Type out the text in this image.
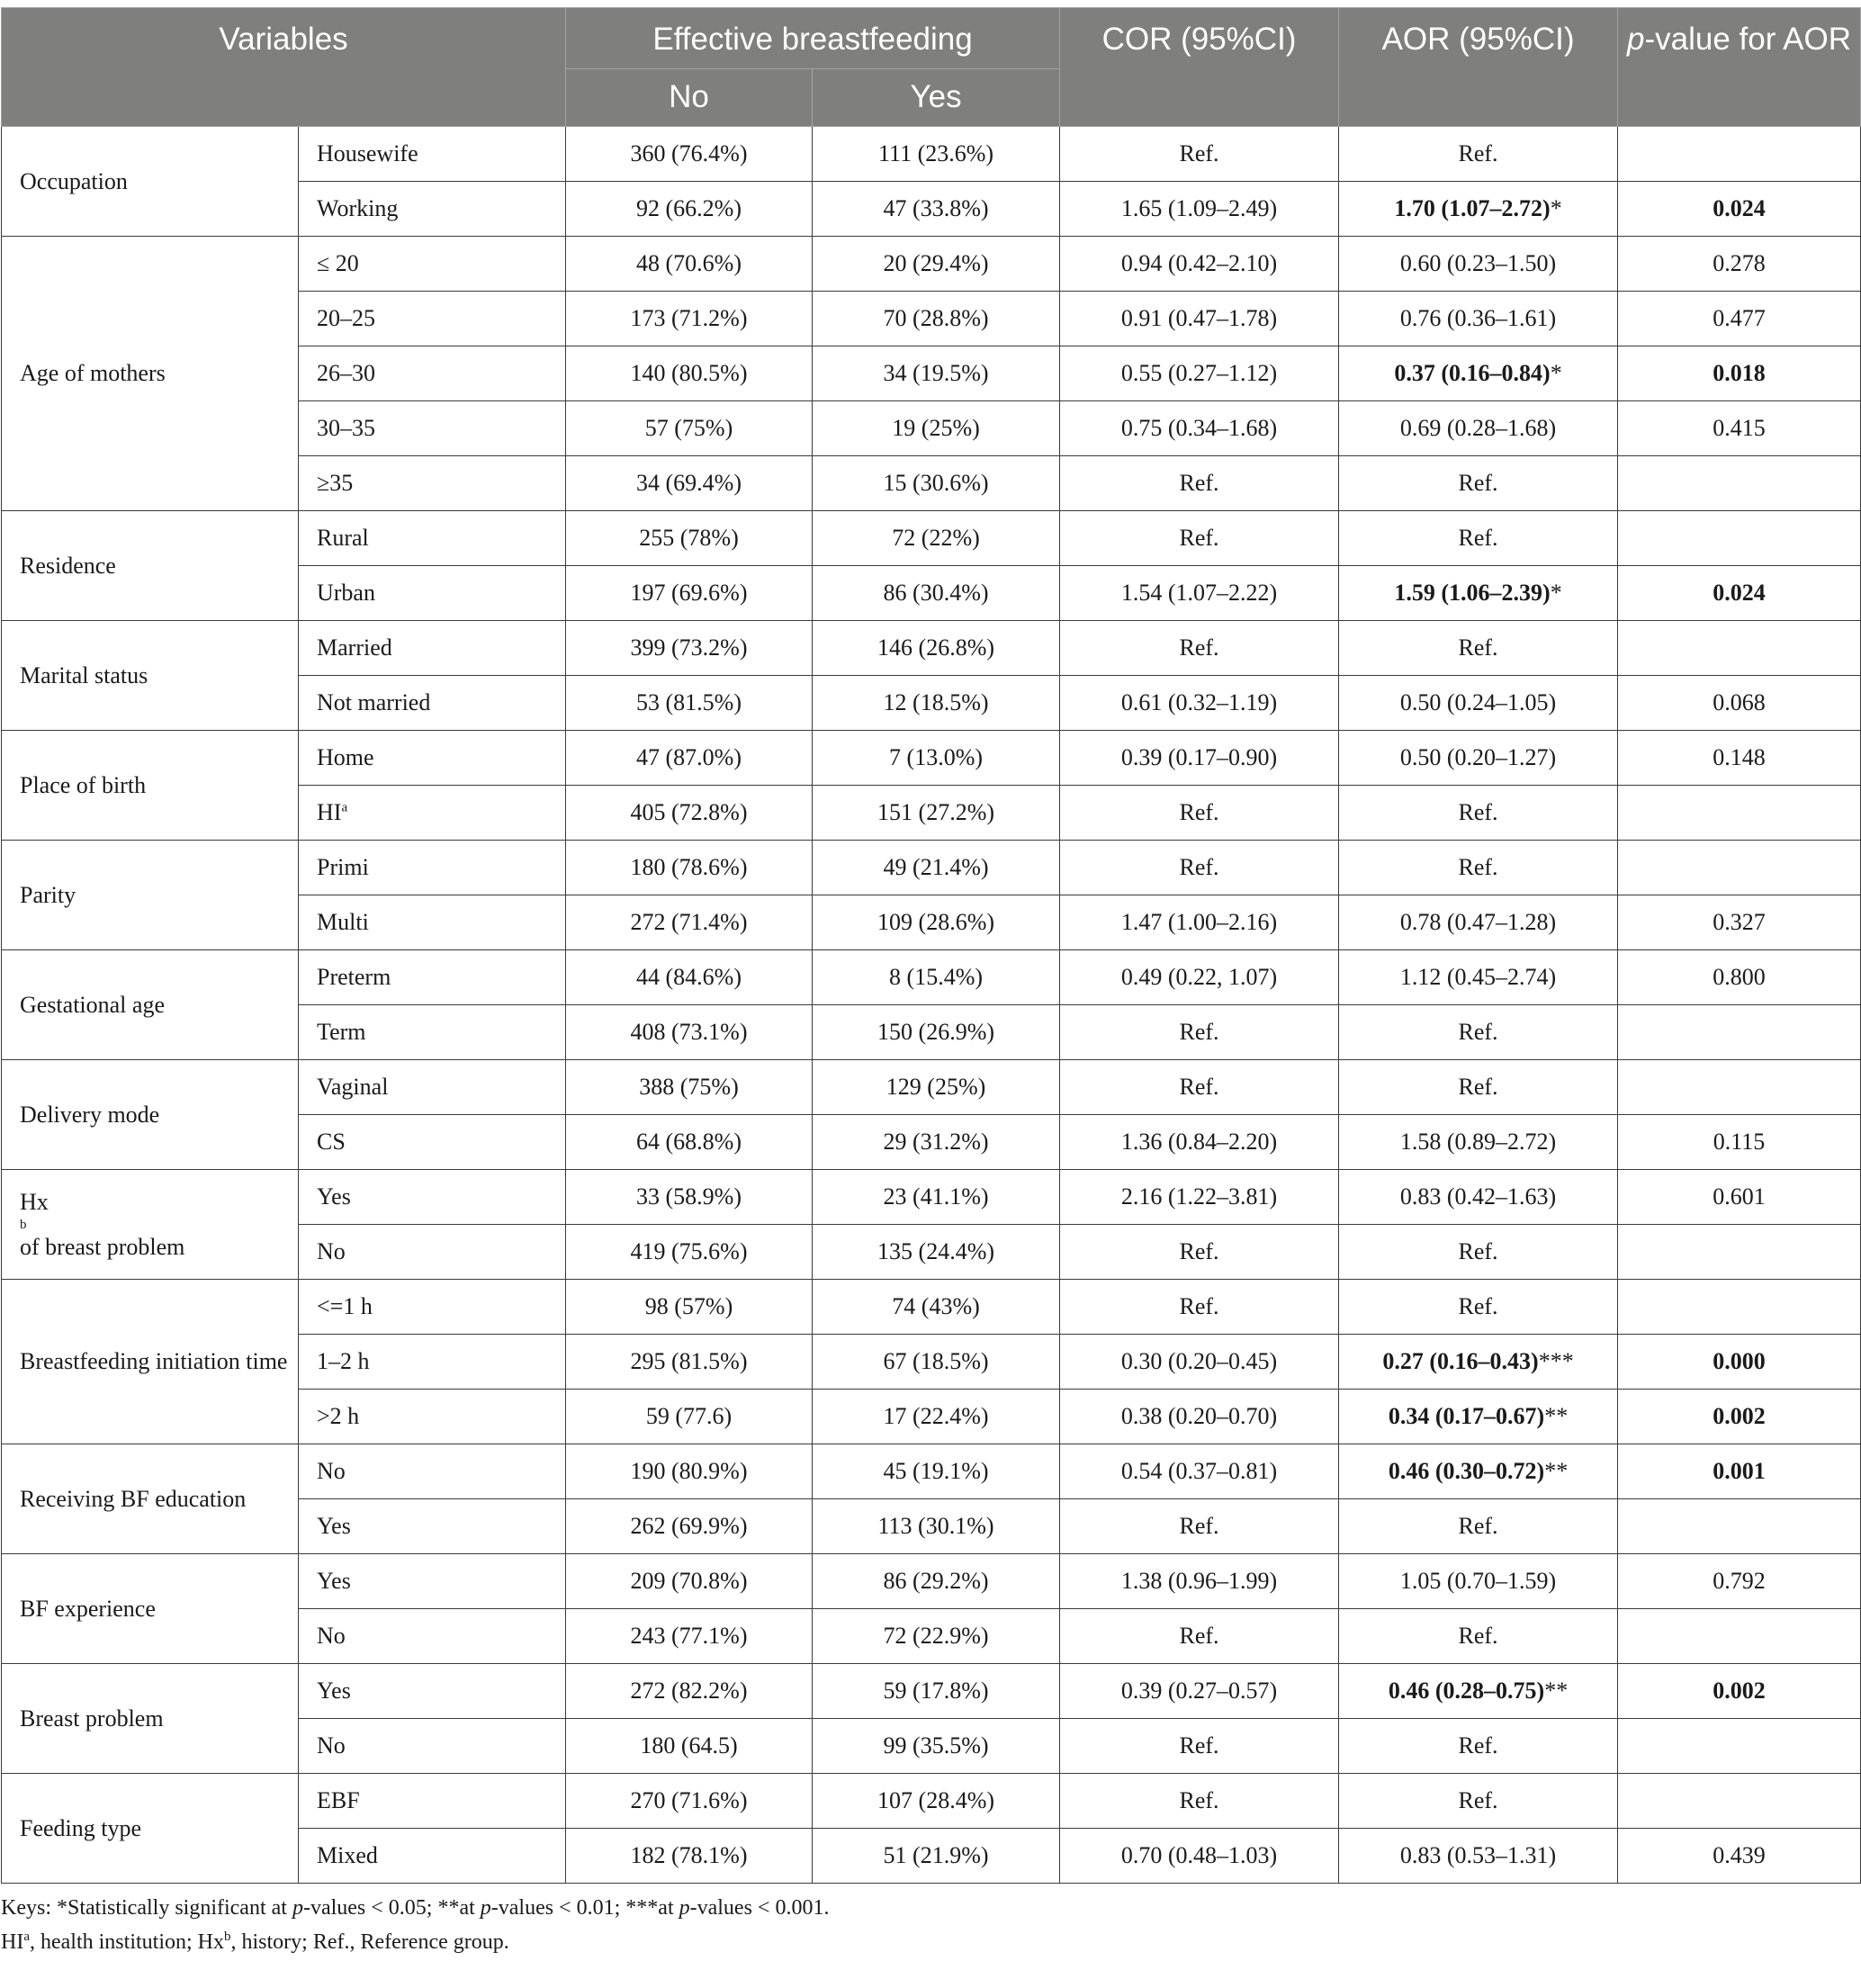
Variables		Effective breastfeeding		COR (95%CI)	AOR (95%CI)	p-value for AOR
		No	Yes			

Occupation	Housewife	360 (76.4%)	111 (23.6%)	Ref.	Ref.	
	Working	92 (66.2%)	47 (33.8%)	1.65 (1.09–2.49)	1.70 (1.07–2.72)*	0.024

Age of mothers	≤ 20	48 (70.6%)	20 (29.4%)	0.94 (0.42–2.10)	0.60 (0.23–1.50)	0.278
	20–25	173 (71.2%)	70 (28.8%)	0.91 (0.47–1.78)	0.76 (0.36–1.61)	0.477
	26–30	140 (80.5%)	34 (19.5%)	0.55 (0.27–1.12)	0.37 (0.16–0.84)*	0.018
	30–35	57 (75%)	19 (25%)	0.75 (0.34–1.68)	0.69 (0.28–1.68)	0.415
	≥35	34 (69.4%)	15 (30.6%)	Ref.	Ref.	

Residence	Rural	255 (78%)	72 (22%)	Ref.	Ref.	
	Urban	197 (69.6%)	86 (30.4%)	1.54 (1.07–2.22)	1.59 (1.06–2.39)*	0.024

Marital status	Married	399 (73.2%)	146 (26.8%)	Ref.	Ref.	
	Not married	53 (81.5%)	12 (18.5%)	0.61 (0.32–1.19)	0.50 (0.24–1.05)	0.068

Place of birth	Home	47 (87.0%)	7 (13.0%)	0.39 (0.17–0.90)	0.50 (0.20–1.27)	0.148
	$HI^a$	405 (72.8%)	151 (27.2%)	Ref.	Ref.	

Parity	Primi	180 (78.6%)	49 (21.4%)	Ref.	Ref.	
	Multi	272 (71.4%)	109 (28.6%)	1.47 (1.00–2.16)	0.78 (0.47–1.28)	0.327

Gestational age	Preterm	44 (84.6%)	8 (15.4%)	0.49 (0.22, 1.07)	1.12 (0.45–2.74)	0.800
	Term	408 (73.1%)	150 (26.9%)	Ref.	Ref.	

Delivery mode	Vaginal	388 (75%)	129 (25%)	Ref.	Ref.	
	CS	64 (68.8%)	29 (31.2%)	1.36 (0.84–2.20)	1.58 (0.89–2.72)	0.115
Hx
b
of breast problem	Yes	33 (58.9%)	23 (41.1%)	2.16 (1.22–3.81)	0.83 (0.42–1.63)	0.601
	No	419 (75.6%)	135 (24.4%)	Ref.	Ref.	

Breastfeeding initiation time	<=1 h	98 (57%)	74 (43%)	Ref.	Ref.	
	1–2 h	295 (81.5%)	67 (18.5%)	0.30 (0.20–0.45)	0.27 (0.16–0.43)***	0.000
	>2 h	59 (77.6)	17 (22.4%)	0.38 (0.20–0.70)	0.34 (0.17–0.67)**	0.002

Receiving BF education	No	190 (80.9%)	45 (19.1%)	0.54 (0.37–0.81)	0.46 (0.30–0.72)**	0.001
	Yes	262 (69.9%)	113 (30.1%)	Ref.	Ref.	

BF experience	Yes	209 (70.8%)	86 (29.2%)	1.38 (0.96–1.99)	1.05 (0.70–1.59)	0.792
	No	243 (77.1%)	72 (22.9%)	Ref.	Ref.	

Breast problem	Yes	272 (82.2%)	59 (17.8%)	0.39 (0.27–0.57)	0.46 (0.28–0.75)**	0.002
	No	180 (64.5)	99 (35.5%)	Ref.	Ref.	

Feeding type	EBF	270 (71.6%)	107 (28.4%)	Ref.	Ref.	
	Mixed	182 (78.1%)	51 (21.9%)	0.70 (0.48–1.03)	0.83 (0.53–1.31)	0.439
Keys: *Statistically significant at p-values < 0.05; **at p-values < 0.01; ***at p-values < 0.001.
$HI^a$, health institution; Hx$^b$, history; Ref., Reference group.
